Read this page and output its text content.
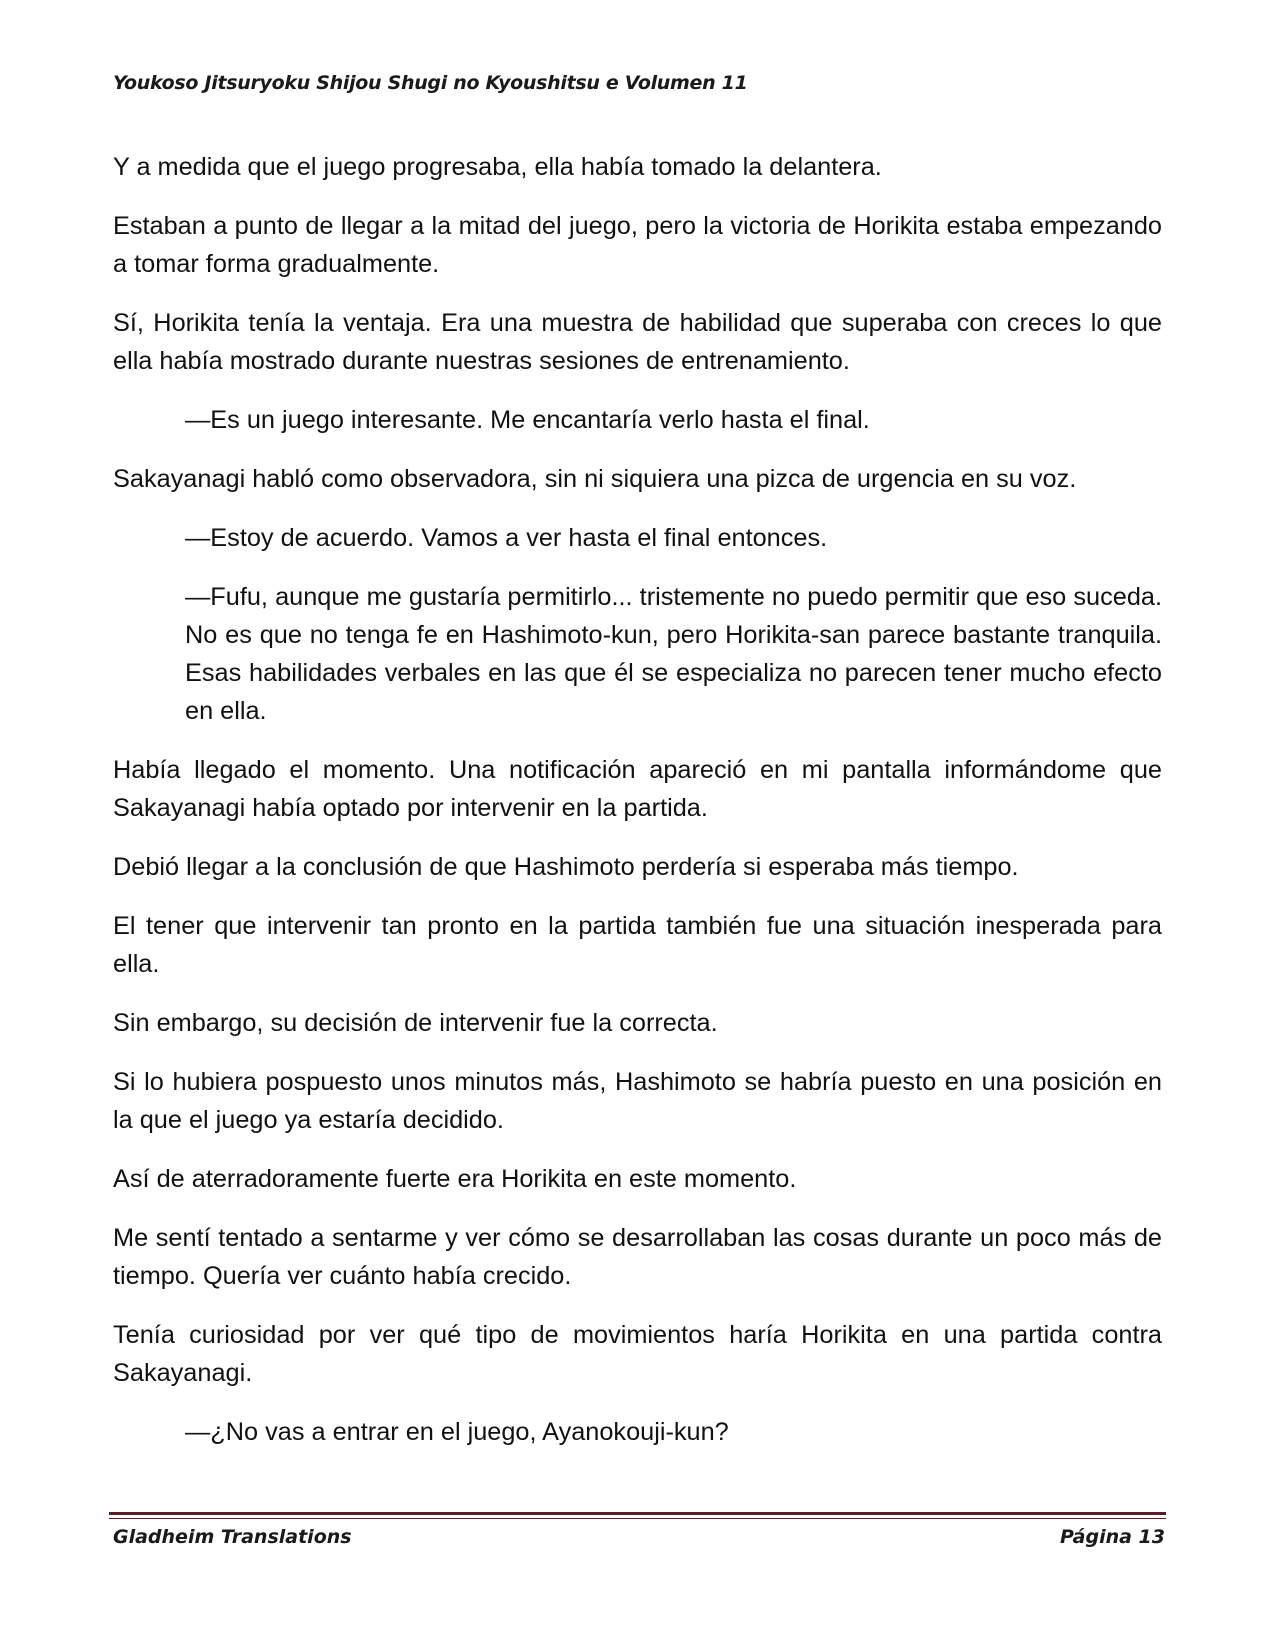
Youkoso Jitsuryoku Shijou Shugi no Kyoushitsu e Volumen 11

Y a medida que el juego progresaba, ella había tomado la delantera.

Estaban a punto de llegar a la mitad del juego, pero la victoria de Horikita estaba empezando a tomar forma gradualmente.

Sí, Horikita tenía la ventaja. Era una muestra de habilidad que superaba con creces lo que ella había mostrado durante nuestras sesiones de entrenamiento.

—Es un juego interesante. Me encantaría verlo hasta el final.

Sakayanagi habló como observadora, sin ni siquiera una pizca de urgencia en su voz.

—Estoy de acuerdo. Vamos a ver hasta el final entonces.

—Fufu, aunque me gustaría permitirlo... tristemente no puedo permitir que eso suceda. No es que no tenga fe en Hashimoto-kun, pero Horikita-san parece bastante tranquila. Esas habilidades verbales en las que él se especializa no parecen tener mucho efecto en ella.

Había llegado el momento. Una notificación apareció en mi pantalla informándome que Sakayanagi había optado por intervenir en la partida.

Debió llegar a la conclusión de que Hashimoto perdería si esperaba más tiempo.

El tener que intervenir tan pronto en la partida también fue una situación inesperada para ella.

Sin embargo, su decisión de intervenir fue la correcta.

Si lo hubiera pospuesto unos minutos más, Hashimoto se habría puesto en una posición en la que el juego ya estaría decidido.

Así de aterradoramente fuerte era Horikita en este momento.

Me sentí tentado a sentarme y ver cómo se desarrollaban las cosas durante un poco más de tiempo. Quería ver cuánto había crecido.

Tenía curiosidad por ver qué tipo de movimientos haría Horikita en una partida contra Sakayanagi.

—¿No vas a entrar en el juego, Ayanokouji-kun?

Gladheim Translations	Página 13
